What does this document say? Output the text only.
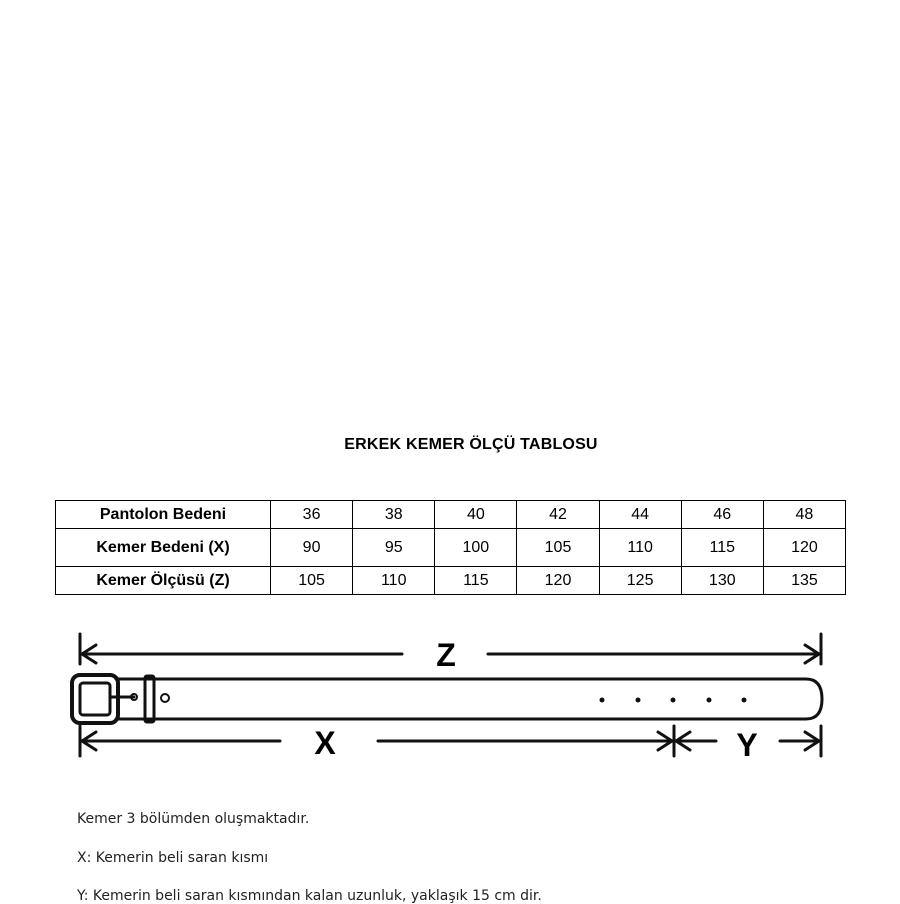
ERKEK KEMER ÖLÇÜ TABLOSU
Pantolon Bedeni	36	38	40	42	44	46	48
Kemer Bedeni (X)	90	95	100	105	110	115	120
Kemer Ölçüsü (Z)	105	110	115	120	125	130	135
Z
X	Y
Kemer 3 bölümden oluşmaktadır.
X: Kemerin beli saran kısmı
Y: Kemerin beli saran kısmından kalan uzunluk, yaklaşık 15 cm dir.
